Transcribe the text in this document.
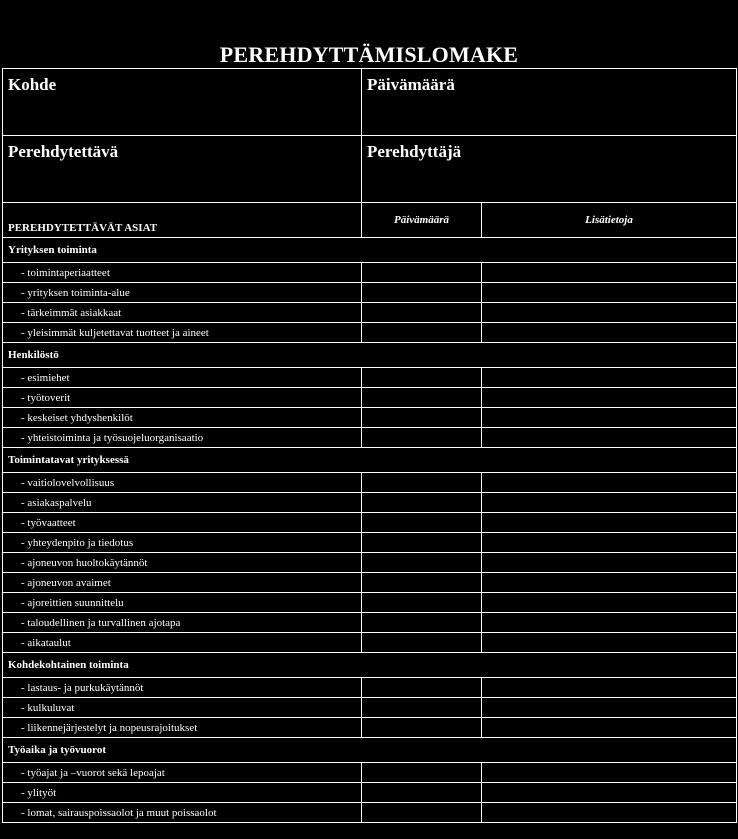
PEREHDYTTÄMISLOMAKE
Kohde	Päivämäärä	

Perehdytettävä	Perehdyttäjä	

PEREHDYTETTÄVÄT ASIAT	Päivämäärä	Lisätietoja
Yrityksen toiminta		

- toimintaperiaatteet		

- yrityksen toiminta-alue		

- tärkeimmät asiakkaat		

- yleisimmät kuljetettavat tuotteet ja aineet		

Henkilöstö		

- esimiehet		

- työtoverit		

- keskeiset yhdyshenkilöt		

- yhteistoiminta ja työsuojeluorganisaatio		

Toimintatavat yrityksessä		

- vaitiolovelvollisuus		

- asiakaspalvelu		

- työvaatteet		

- yhteydenpito ja tiedotus		

- ajoneuvon huoltokäytännöt		

- ajoneuvon avaimet		

- ajoreittien suunnittelu		

- taloudellinen ja turvallinen ajotapa		

- aikataulut		

Kohdekohtainen toiminta		

- lastaus- ja purkukäytännöt		

- kulkuluvat		

- liikennejärjestelyt ja nopeusrajoitukset		

Työaika ja työvuorot		

- työajat ja –vuorot sekä lepoajat		

- ylityöt		

- lomat, sairauspoissaolot ja muut poissaolot		
